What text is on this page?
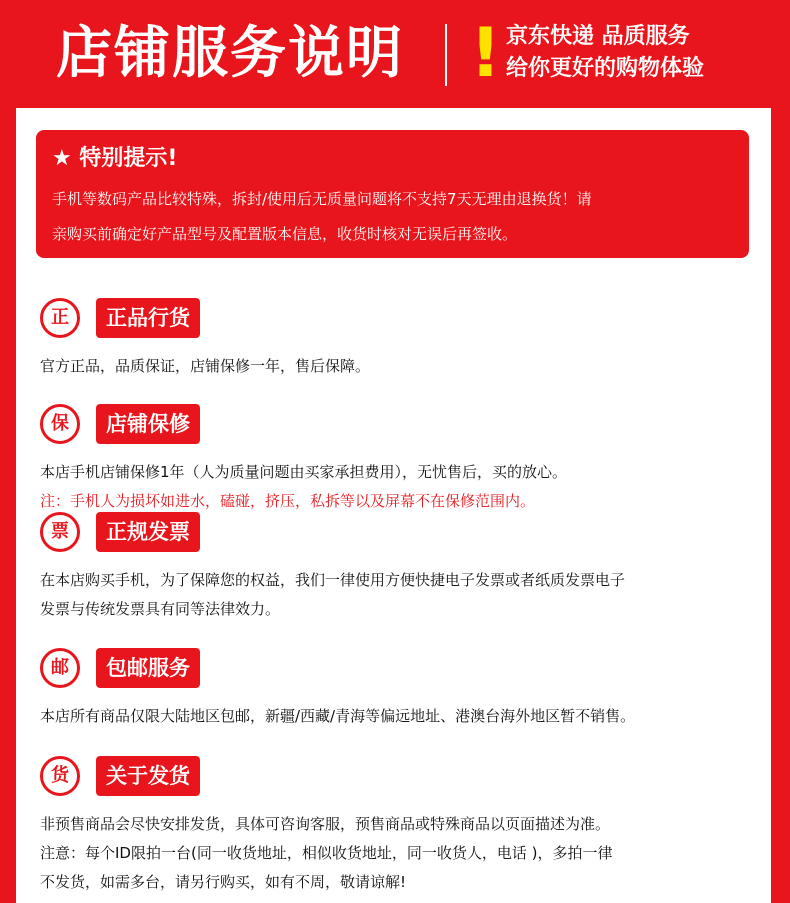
店铺服务说明 ! 京东快递 品质服务
给你更好的购物体验
★ 特别提示!
手机等数码产品比较特殊，拆封/使用后无质量问题将不支持7天无理由退换货！请
亲购买前确定好产品型号及配置版本信息，收货时核对无误后再签收。
正	正品行货
官方正品，品质保证，店铺保修一年，售后保障。
保	店铺保修
本店手机店铺保修1年（人为质量问题由买家承担费用），无忧售后，买的放心。
注：手机人为损坏如进水，磕碰，挤压，私拆等以及屏幕不在保修范围内。
票	正规发票
在本店购买手机，为了保障您的权益，我们一律使用方便快捷电子发票或者纸质发票电子
发票与传统发票具有同等法律效力。
邮	包邮服务
本店所有商品仅限大陆地区包邮，新疆/西藏/青海等偏远地址、港澳台海外地区暂不销售。
货	关于发货
非预售商品会尽快安排发货，具体可咨询客服，预售商品或特殊商品以页面描述为准。
注意：每个ID限拍一台(同一收货地址，相似收货地址，同一收货人，电话 )，多拍一律
不发货，如需多台，请另行购买，如有不周，敬请谅解!
